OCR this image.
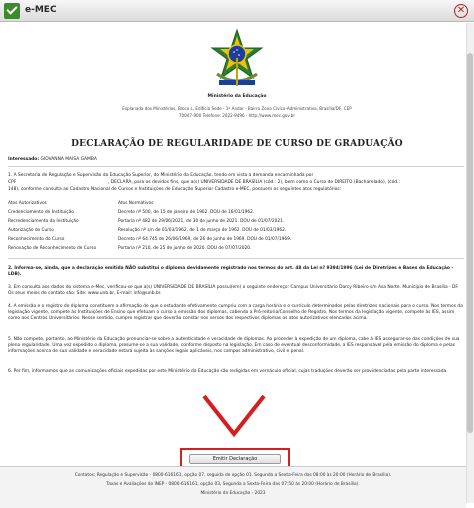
e-MEC	✕
Ministério da Educação
Esplanada dos Ministérios, Bloco L, Edifício Sede - 1º Andar - Bairro Zona Cívico-Administrativa, Brasília/DF, CEP
70047-900 Telefone: 2022-9496 - http://www.mec.gov.br
DECLARAÇÃO DE REGULARIDADE DE CURSO DE GRADUAÇÃO
Interessado: GIOVANNA MAISA GAMBA
1. A Secretaria de Regulação e Supervisão da Educação Superior, do Ministério da Educação, tendo em vista a demanda encaminhada por
CPF	, DECLARA, para os devidos fins, que a(s) UNIVERSIDADE DE BRASÍLIA (cód.: 2), bem como o Curso de DIREITO (Bacharelado), (cód.:
148), conforme consulta ao Cadastro Nacional de Cursos e Instituições de Educação Superior Cadastro e-MEC, possuem os seguintes atos regulatórios:
Atos Autorizativos	Atos Normativos
Credenciamento de Instituição	Decreto nº 500, de 15 de janeiro de 1962. DOU de 16/01/1962.
Recredenciamento da Instituição	Portaria nº 482 de 29/06/2021, de 30 de junho de 2021. DOU de 01/07/2021.
Autorização do Curso	Resolução nº s/n de 01/03/1962, de 1 de março de 1962. DOU de 01/03/1962.
Reconhecimento do Curso	Decreto nº 64.745 de 26/06/1969, de 26 de junho de 1969. DOU de 01/07/1969.
Renovação de Reconhecimento de Curso	Portaria nº 210, de 25 de junho de 2020. DOU de 07/07/2020.
2. Informa-se, ainda, que a declaração emitida NÃO substitui o diploma devidamente registrado nos termos do art. 48 da Lei nº 9394/1996 (Lei de Diretrizes e Bases da Educação - LDB).
3. Em consulta aos dados do sistema e-Mec, verificou-se que a(s) UNIVERSIDADE DE BRASÍLIA possui(em) o seguinte endereço: Campus Universitário Darcy Ribeiro s/n Asa Norte. Município de Brasília - DF. Os seus meios de contato são: Site: www.unb.br, E-mail: info@unb.br.
4. A emissão e o registro do diploma constituem a afirmação de que o estudante efetivamente cumpriu com a carga horária e o currículo determinados pelas diretrizes nacionais para o curso. Nos termos da legislação vigente, compete às Instituições de Ensino que efetuam o curso a emissão dos diplomas, cabendo a Pró-reitoria/Conselho de Registro. Nos termos da legislação vigente, compete às IES, assim como aos Centros Universitários. Nesse sentido, cumpre registrar que deverão constar nos versos dos respectivos diplomas os atos autorizativos elencados acima.
5. Não compete, portanto, ao Ministério da Educação pronunciar-se sobre a autenticidade e veracidade de diplomas. Ao proceder à expedição de um diploma, cabe à IES assegurar-se das condições de sua plena regularidade. Uma vez expedido o diploma, presume-se a sua validade, conforme disposto na legislação. Em caso de eventual desconformidade, a IES responsável pela emissão do diploma e pelas informações acerca de sua validade e veracidade estará sujeita às sanções legais aplicáveis, nos campos administrativo, civil e penal.
6. Por fim, informamos que as comunicações oficiais expedidas por este Ministério da Educação são redigidas em vernáculo oficial, cujas traduções deverão ser providenciadas pela parte interessada.
Emitir Declaração
Contatos: Regulação e Supervisão - 0800-616161, opção 07, seguida de opção 01. Segunda a Sexta-Feira das 08:00 às 20:00 (Horário de Brasília).
Taxas e Avaliações do INEP - 0800-616161, opção 03, Segunda a Sexta-Feira das 07:50 às 20:00 (Horário de Brasília).
Ministério da Educação - 2023
